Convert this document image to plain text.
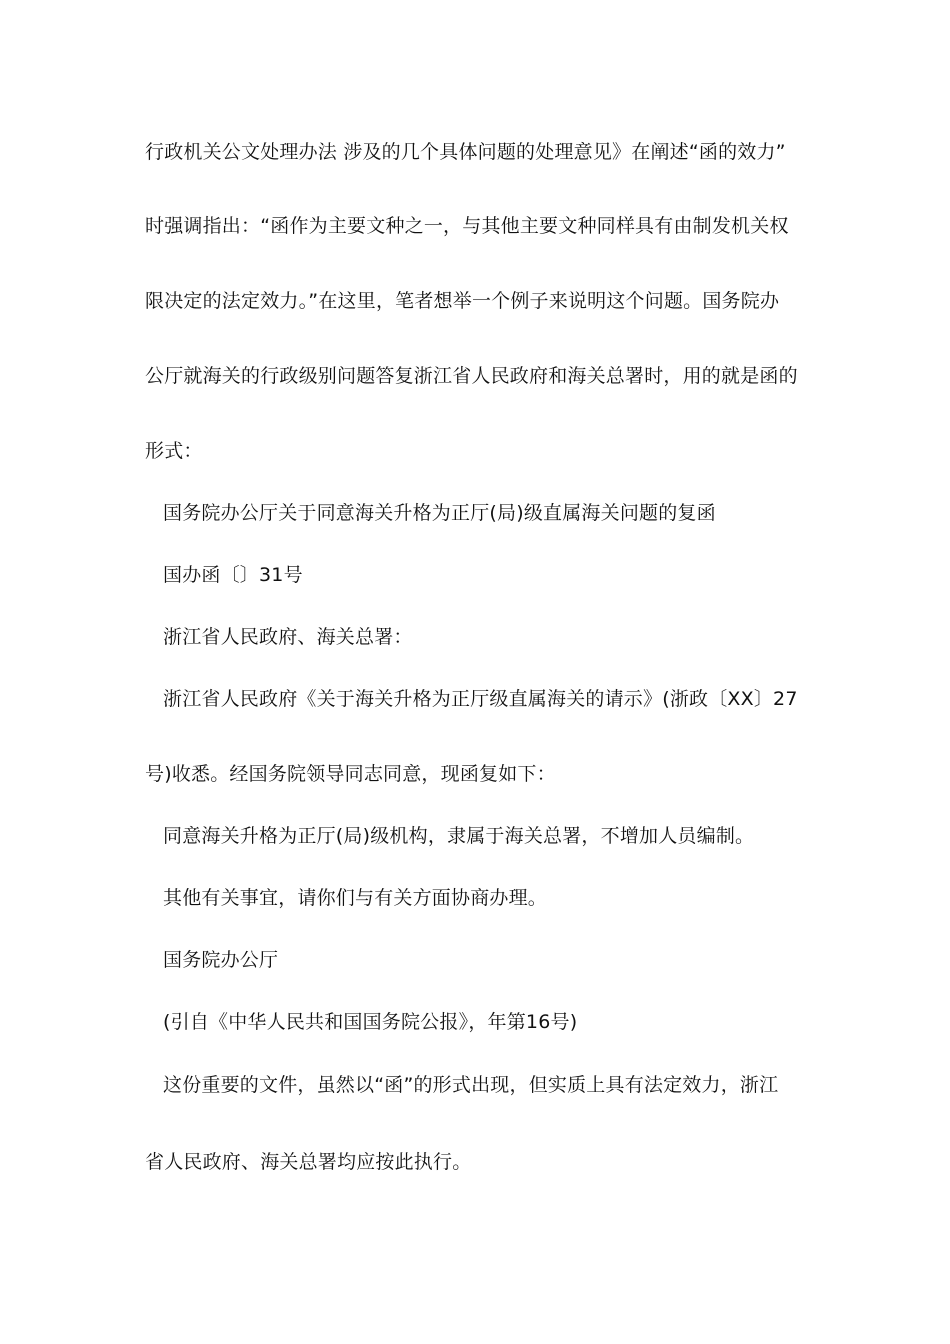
行政机关公文处理办法 涉及的几个具体问题的处理意见》在阐述“函的效力”
时强调指出：“函作为主要文种之一，与其他主要文种同样具有由制发机关权
限决定的法定效力。”在这里，笔者想举一个例子来说明这个问题。国务院办
公厅就海关的行政级别问题答复浙江省人民政府和海关总署时，用的就是函的
形式：
国务院办公厅关于同意海关升格为正厅(局)级直属海关问题的复函
国办函〔〕31号
浙江省人民政府、海关总署：
浙江省人民政府《关于海关升格为正厅级直属海关的请示》(浙政〔XX〕27
号)收悉。经国务院领导同志同意，现函复如下：
同意海关升格为正厅(局)级机构，隶属于海关总署，不增加人员编制。
其他有关事宜，请你们与有关方面协商办理。
国务院办公厅
(引自《中华人民共和国国务院公报》，年第16号)
这份重要的文件，虽然以“函”的形式出现，但实质上具有法定效力，浙江
省人民政府、海关总署均应按此执行。
